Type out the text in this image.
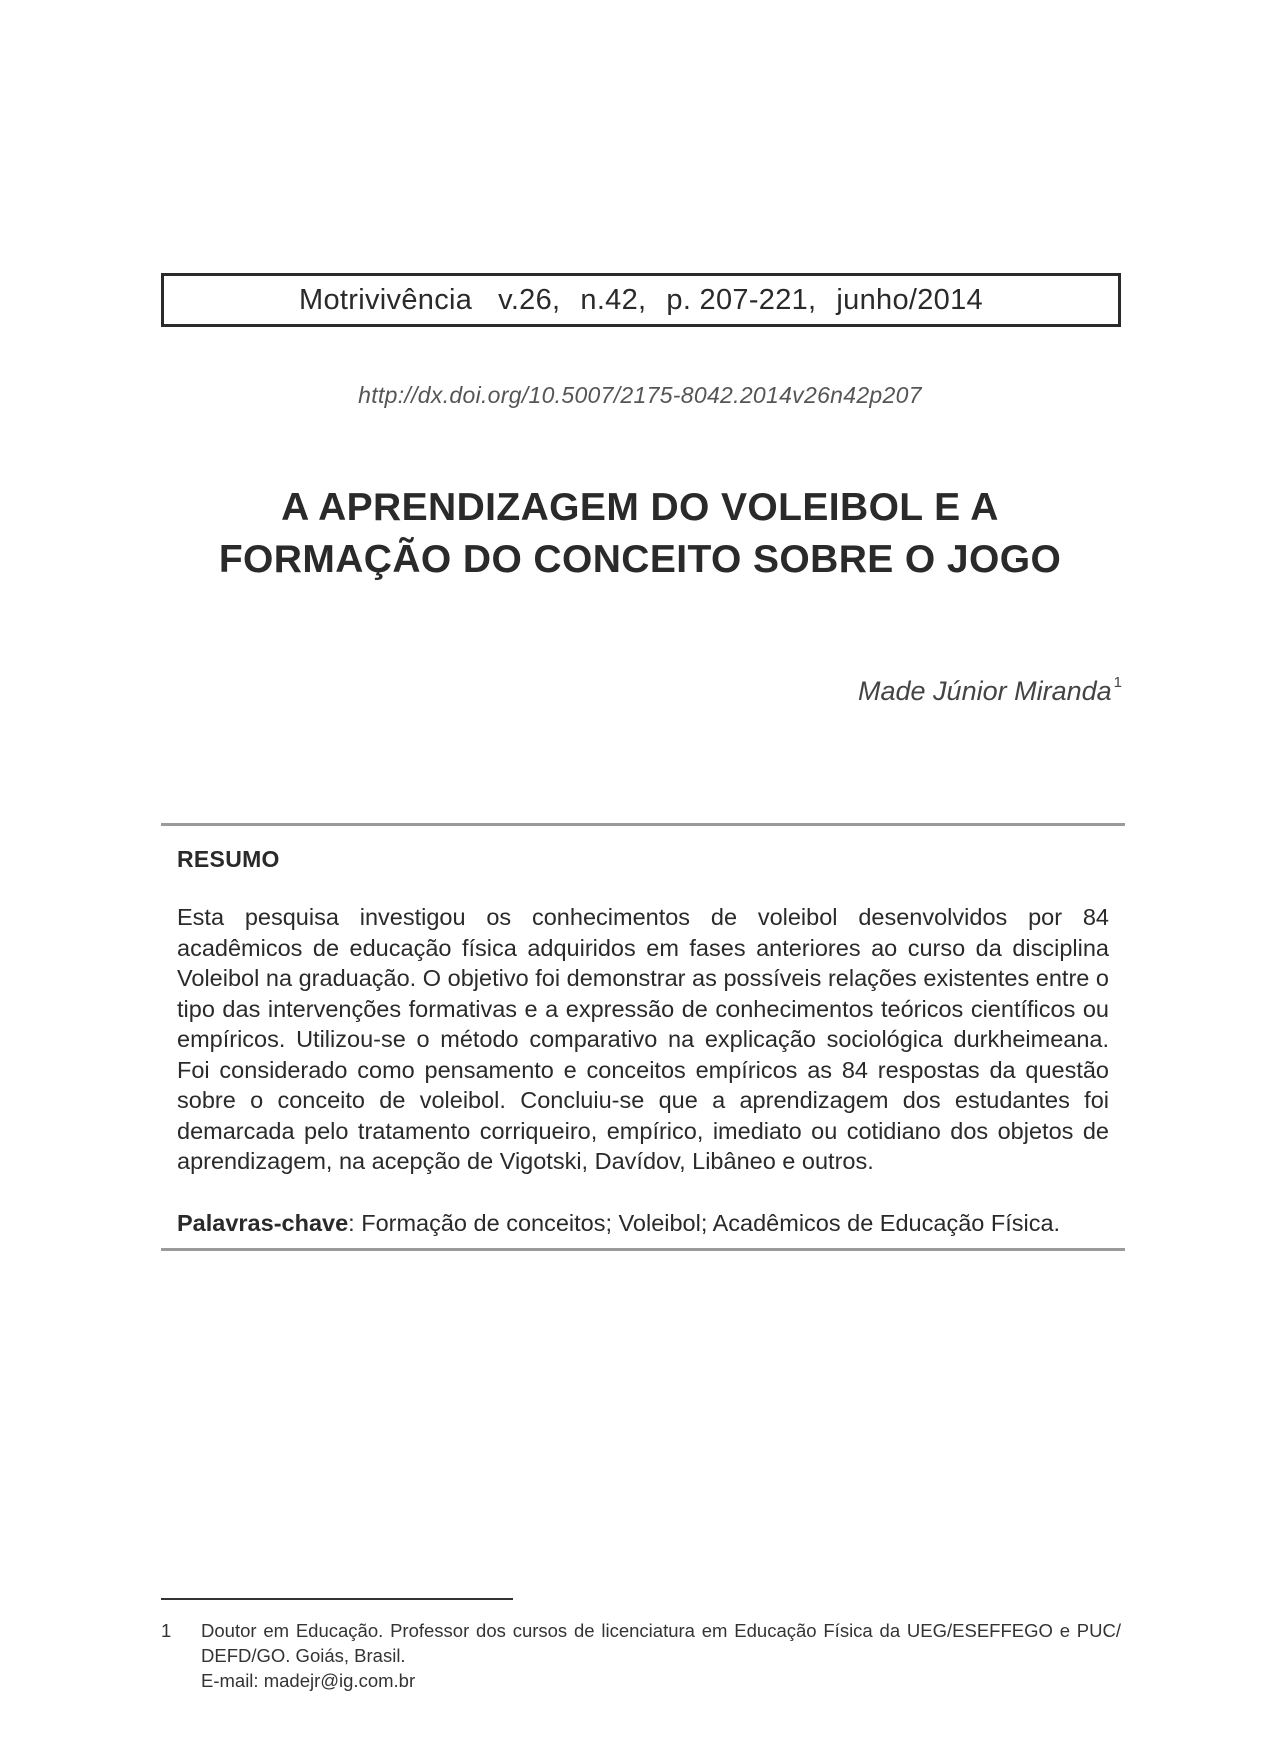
Motrivivência v.26, n.42, p. 207-221, junho/2014
http://dx.doi.org/10.5007/2175-8042.2014v26n42p207
A APRENDIZAGEM DO VOLEIBOL E A
FORMAÇÃO DO CONCEITO SOBRE O JOGO
Made Júnior Miranda $^1$
RESUMO
Esta pesquisa investigou os conhecimentos de voleibol desenvolvidos por 84 acadêmicos de educação física adquiridos em fases anteriores ao curso da disciplina Voleibol na graduação. O objetivo foi demonstrar as possíveis relações existentes entre o tipo das intervenções formativas e a expressão de conhecimentos teóricos científicos ou empíricos. Utilizou-se o método comparativo na explicação sociológica durkheimeana. Foi considerado como pensamento e conceitos empíricos as 84 respostas da questão sobre o conceito de voleibol. Concluiu-se que a aprendizagem dos estudantes foi demarcada pelo tratamento corriqueiro, empírico, imediato ou cotidiano dos objetos de aprendizagem, na acepção de Vigotski, Davídov, Libâneo e outros.
Palavras-chave: Formação de conceitos; Voleibol; Acadêmicos de Educação Física.
1 Doutor em Educação. Professor dos cursos de licenciatura em Educação Física da UEG/ESEFFEGO e PUC/ DEFD/GO. Goiás, Brasil.
E-mail: madejr@ig.com.br
